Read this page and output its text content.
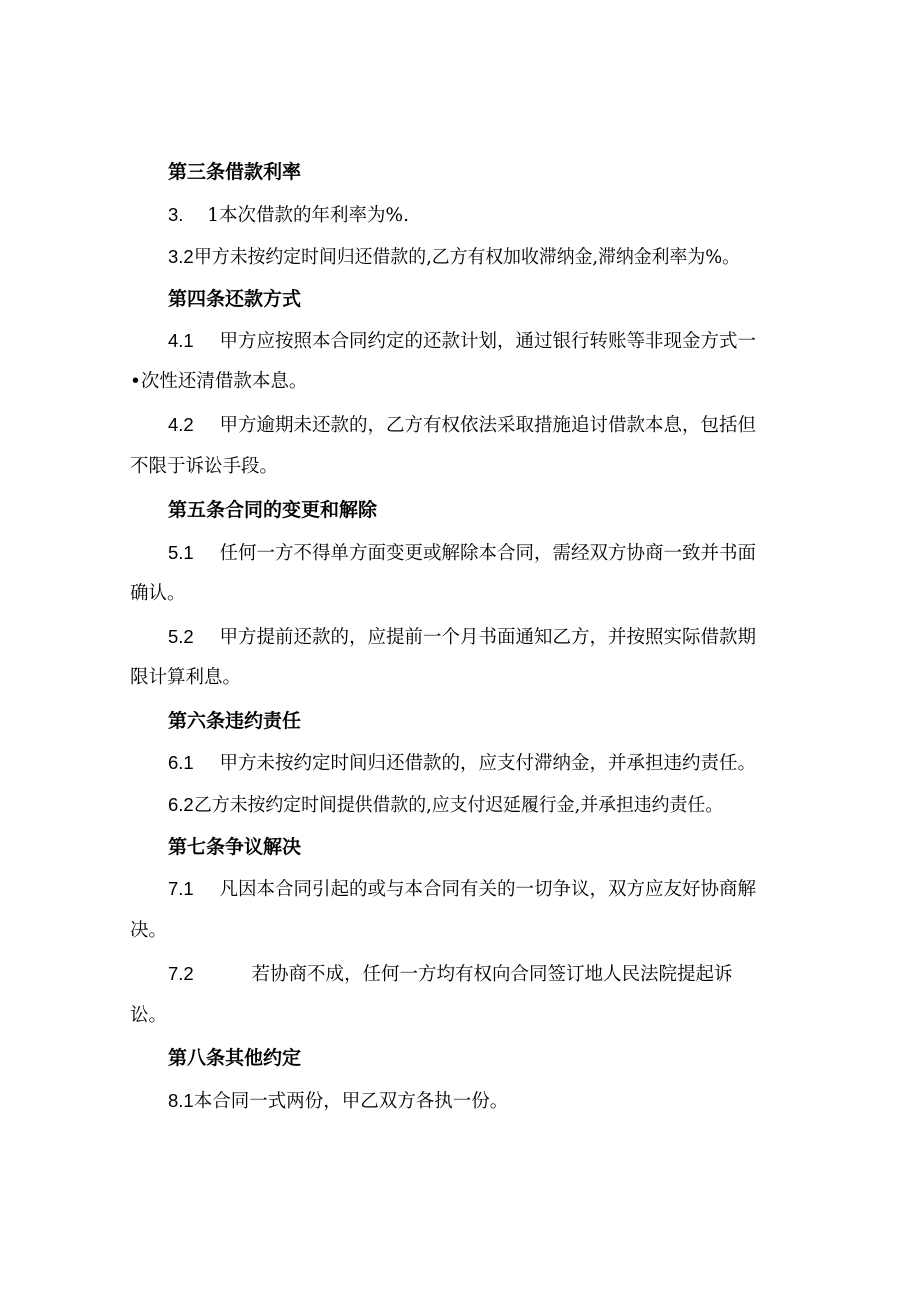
第三条借款利率
3. 1本次借款的年利率为%.
3.2甲方未按约定时间归还借款的,乙方有权加收滞纳金,滞纳金利率为%。
第四条还款方式
4.1 甲方应按照本合同约定的还款计划，通过银行转账等非现金方式一
•次性还清借款本息。
4.2 甲方逾期未还款的，乙方有权依法采取措施追讨借款本息，包括但
不限于诉讼手段。
第五条合同的变更和解除
5.1 任何一方不得单方面变更或解除本合同，需经双方协商一致并书面
确认。
5.2 甲方提前还款的，应提前一个月书面通知乙方，并按照实际借款期
限计算利息。
第六条违约责任
6.1 甲方未按约定时间归还借款的，应支付滞纳金，并承担违约责任。
6.2乙方未按约定时间提供借款的,应支付迟延履行金,并承担违约责任。
第七条争议解决
7.1 凡因本合同引起的或与本合同有关的一切争议，双方应友好协商解
决。
7.2	若协商不成，任何一方均有权向合同签订地人民法院提起诉
讼。
第八条其他约定
8.1本合同一式两份，甲乙双方各执一份。
